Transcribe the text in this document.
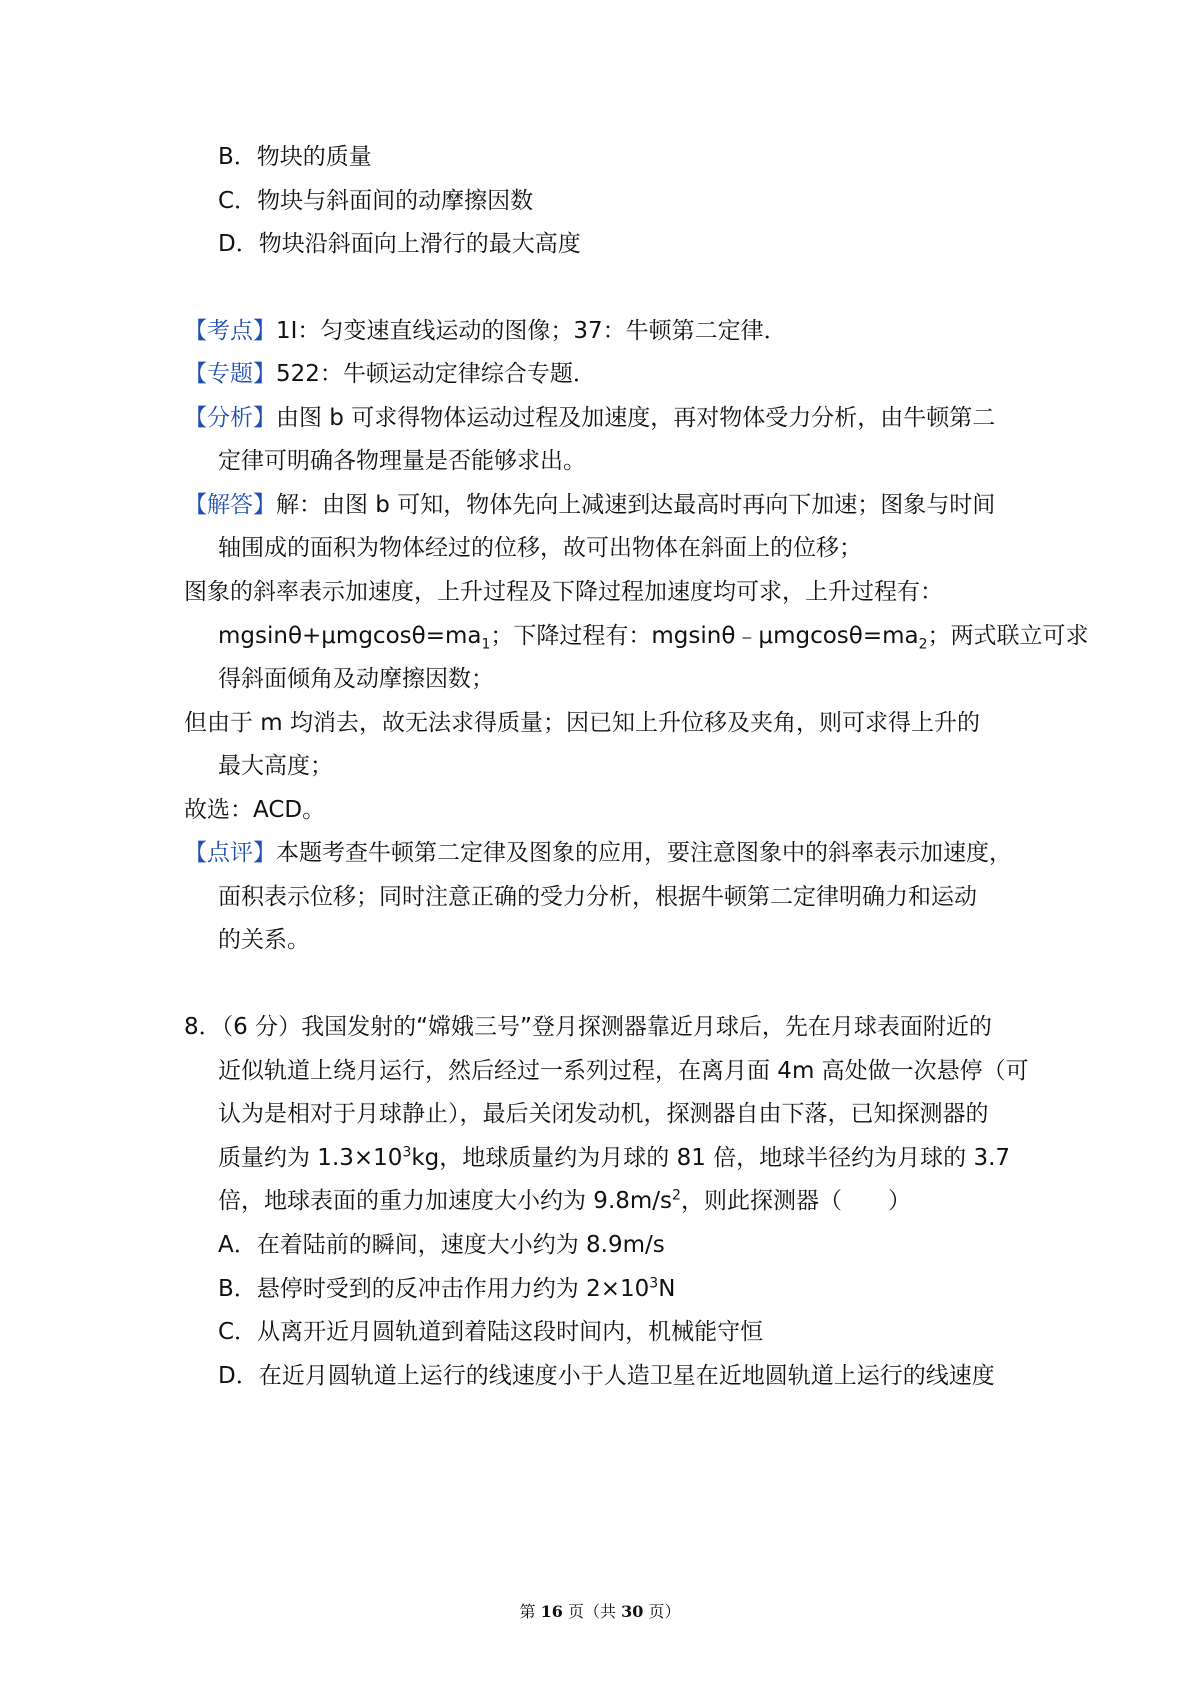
B．物块的质量
C．物块与斜面间的动摩擦因数
D．物块沿斜面向上滑行的最大高度
【考点】1I：匀变速直线运动的图像；37：牛顿第二定律．
【专题】522：牛顿运动定律综合专题．
【分析】由图 b 可求得物体运动过程及加速度，再对物体受力分析，由牛顿第二
定律可明确各物理量是否能够求出。
【解答】解：由图 b 可知，物体先向上减速到达最高时再向下加速；图象与时间
轴围成的面积为物体经过的位移，故可出物体在斜面上的位移；
图象的斜率表示加速度，上升过程及下降过程加速度均可求，上升过程有：
$mgsin\theta+\mu mgcos\theta=ma_1$；下降过程有：$mgsin\theta﹣\mu mgcos\theta=ma_2$；两式联立可求
得斜面倾角及动摩擦因数；
但由于 m 均消去，故无法求得质量；因已知上升位移及夹角，则可求得上升的
最大高度；
故选：ACD。
【点评】本题考查牛顿第二定律及图象的应用，要注意图象中的斜率表示加速度，
面积表示位移；同时注意正确的受力分析，根据牛顿第二定律明确力和运动
的关系。
8．（6 分）我国发射的“嫦娥三号”登月探测器靠近月球后，先在月球表面附近的
近似轨道上绕月运行，然后经过一系列过程，在离月面 4m 高处做一次悬停（可
认为是相对于月球静止），最后关闭发动机，探测器自由下落，已知探测器的
质量约为 $1.3\times 10^3kg$，地球质量约为月球的 81 倍，地球半径约为月球的 3.7
倍，地球表面的重力加速度大小约为 $9.8m/s^2$，则此探测器（　　）
A．在着陆前的瞬间，速度大小约为 8.9m/s
B．悬停时受到的反冲击作用力约为 $2\times 10^3N$
C．从离开近月圆轨道到着陆这段时间内，机械能守恒
D．在近月圆轨道上运行的线速度小于人造卫星在近地圆轨道上运行的线速度
第 16 页（共 30 页）
